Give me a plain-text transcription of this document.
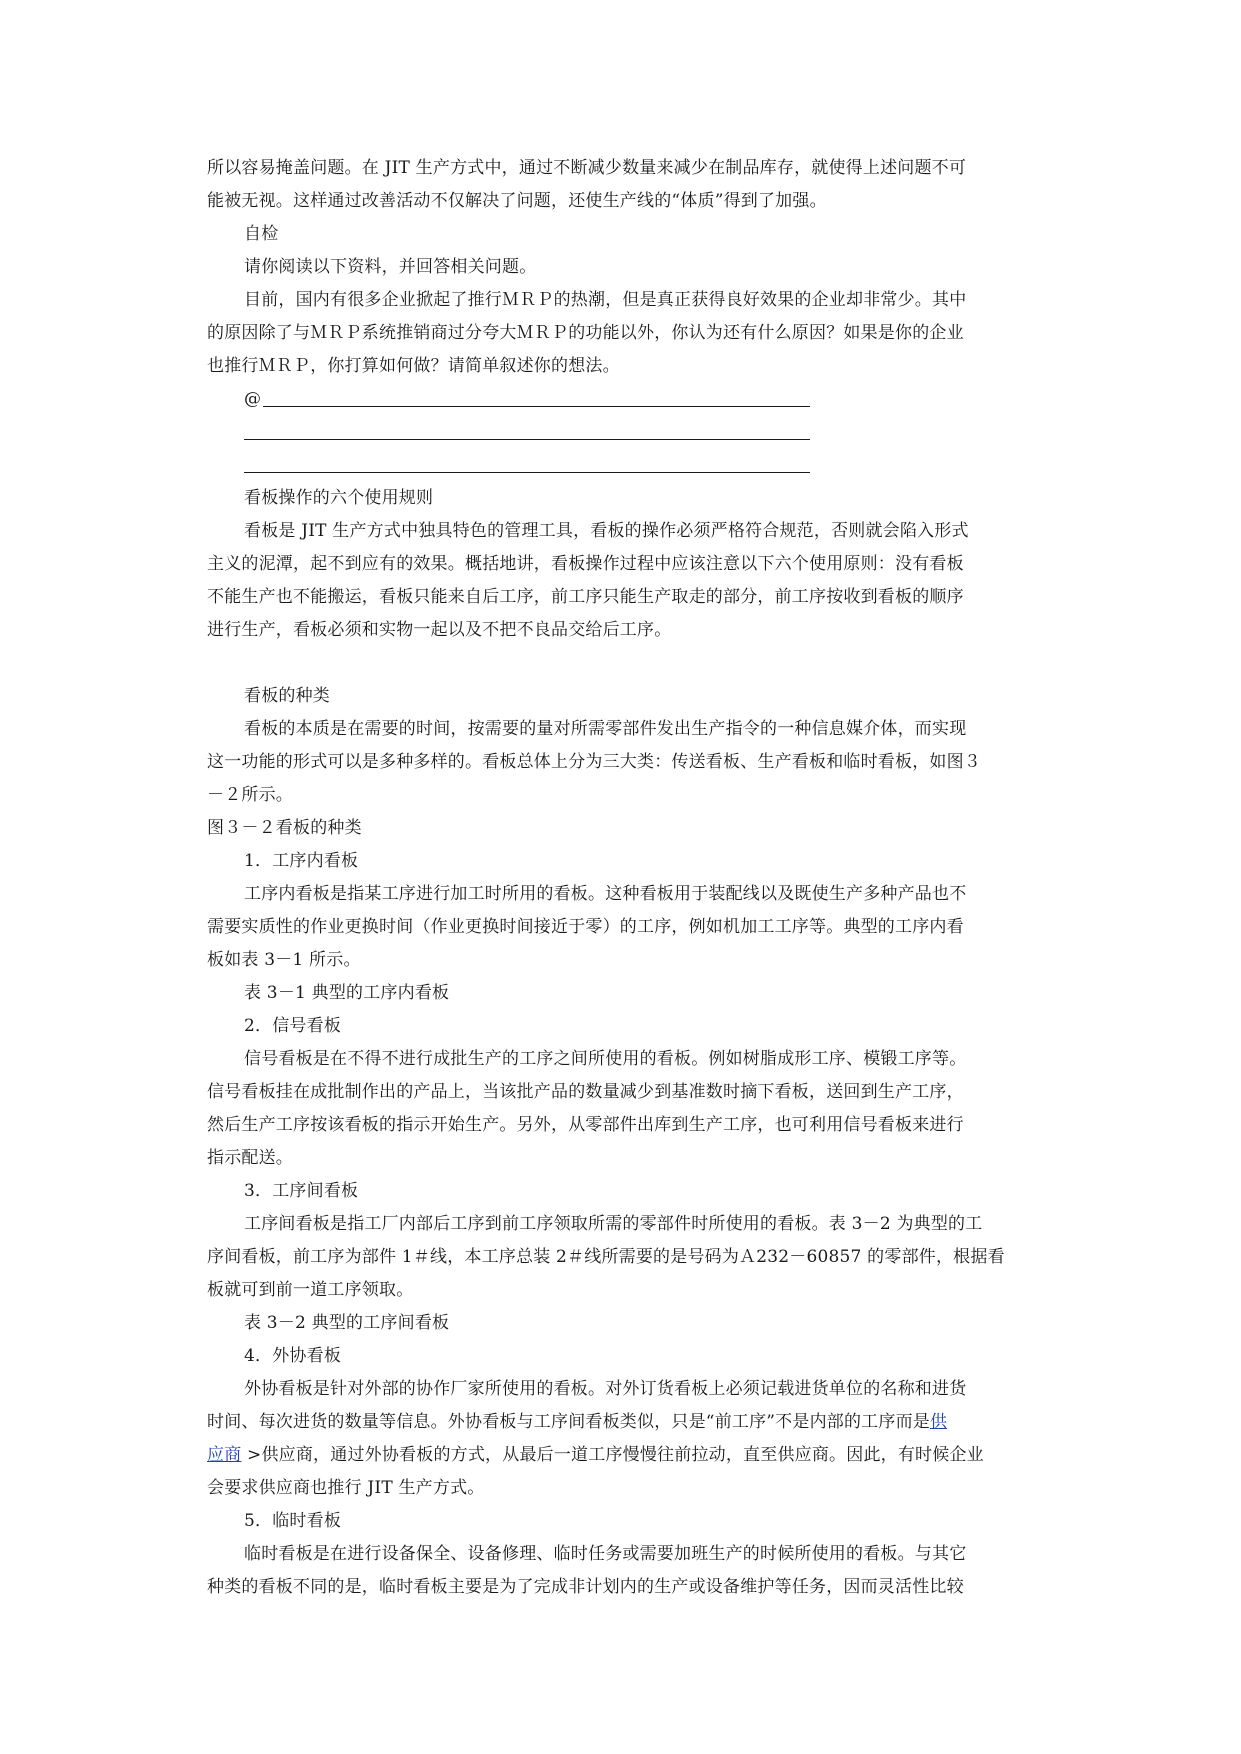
所以容易掩盖问题。在 JIT 生产方式中，通过不断减少数量来减少在制品库存，就使得上述问题不可
能被无视。这样通过改善活动不仅解决了问题，还使生产线的“体质”得到了加强。
自检
请你阅读以下资料，并回答相关问题。
目前，国内有很多企业掀起了推行ＭＲＰ的热潮，但是真正获得良好效果的企业却非常少。其中
的原因除了与ＭＲＰ系统推销商过分夸大ＭＲＰ的功能以外，你认为还有什么原因？如果是你的企业
也推行ＭＲＰ，你打算如何做？请简单叙述你的想法。
@
看板操作的六个使用规则
看板是 JIT 生产方式中独具特色的管理工具，看板的操作必须严格符合规范，否则就会陷入形式
主义的泥潭，起不到应有的效果。概括地讲，看板操作过程中应该注意以下六个使用原则：没有看板
不能生产也不能搬运，看板只能来自后工序，前工序只能生产取走的部分，前工序按收到看板的顺序
进行生产，看板必须和实物一起以及不把不良品交给后工序。
看板的种类
看板的本质是在需要的时间，按需要的量对所需零部件发出生产指令的一种信息媒介体，而实现
这一功能的形式可以是多种多样的。看板总体上分为三大类：传送看板、生产看板和临时看板，如图３
－２所示。
图３－２看板的种类
1．工序内看板
工序内看板是指某工序进行加工时所用的看板。这种看板用于装配线以及既使生产多种产品也不
需要实质性的作业更换时间（作业更换时间接近于零）的工序，例如机加工工序等。典型的工序内看
板如表 3－1 所示。
表 3－1 典型的工序内看板
2．信号看板
信号看板是在不得不进行成批生产的工序之间所使用的看板。例如树脂成形工序、模锻工序等。
信号看板挂在成批制作出的产品上，当该批产品的数量减少到基准数时摘下看板，送回到生产工序，
然后生产工序按该看板的指示开始生产。另外，从零部件出库到生产工序，也可利用信号看板来进行
指示配送。
3．工序间看板
工序间看板是指工厂内部后工序到前工序领取所需的零部件时所使用的看板。表 3－2 为典型的工
序间看板，前工序为部件 1＃线，本工序总装 2＃线所需要的是号码为Ａ232－60857 的零部件，根据看
板就可到前一道工序领取。
表 3－2 典型的工序间看板
4．外协看板
外协看板是针对外部的协作厂家所使用的看板。对外订货看板上必须记载进货单位的名称和进货
时间、每次进货的数量等信息。外协看板与工序间看板类似，只是“前工序”不是内部的工序而是供
应商 >供应商，通过外协看板的方式，从最后一道工序慢慢往前拉动，直至供应商。因此，有时候企业
会要求供应商也推行 JIT 生产方式。
5．临时看板
临时看板是在进行设备保全、设备修理、临时任务或需要加班生产的时候所使用的看板。与其它
种类的看板不同的是，临时看板主要是为了完成非计划内的生产或设备维护等任务，因而灵活性比较
